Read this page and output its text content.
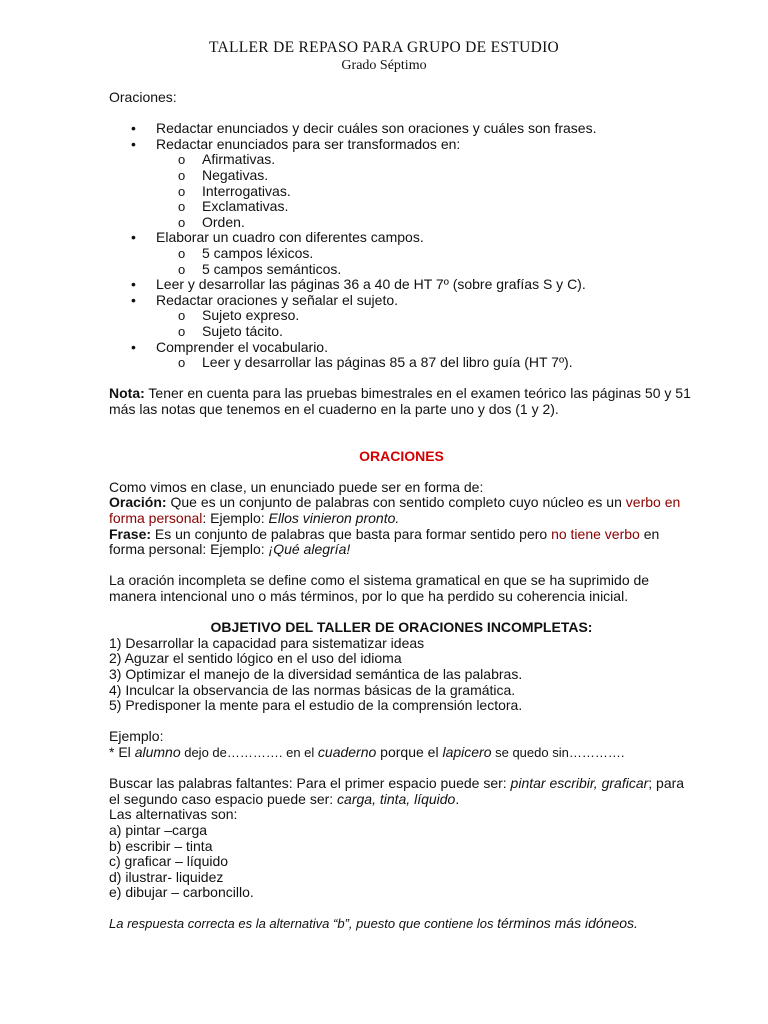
TALLER DE REPASO PARA GRUPO DE ESTUDIO
Grado Séptimo
Oraciones:
• Redactar enunciados y decir cuáles son oraciones y cuáles son frases.
• Redactar enunciados para ser transformados en:
o Afirmativas.
o Negativas.
o Interrogativas.
o Exclamativas.
o Orden.
• Elaborar un cuadro con diferentes campos.
o 5 campos léxicos.
o 5 campos semánticos.
• Leer y desarrollar las páginas 36 a 40 de HT 7º (sobre grafías S y C).
• Redactar oraciones y señalar el sujeto.
o Sujeto expreso.
o Sujeto tácito.
• Comprender el vocabulario.
o Leer y desarrollar las páginas 85 a 87 del libro guía (HT 7º).
Nota: Tener en cuenta para las pruebas bimestrales en el examen teórico las páginas 50 y 51 más las notas que tenemos en el cuaderno en la parte uno y dos (1 y 2).
ORACIONES
Como vimos en clase, un enunciado puede ser en forma de:
Oración: Que es un conjunto de palabras con sentido completo cuyo núcleo es un verbo en forma personal: Ejemplo: Ellos vinieron pronto.
Frase: Es un conjunto de palabras que basta para formar sentido pero no tiene verbo en forma personal: Ejemplo: ¡Qué alegría!
La oración incompleta se define como el sistema gramatical en que se ha suprimido de manera intencional uno o más términos, por lo que ha perdido su coherencia inicial.
OBJETIVO DEL TALLER DE ORACIONES INCOMPLETAS:
1) Desarrollar la capacidad para sistematizar ideas
2) Aguzar el sentido lógico en el uso del idioma
3) Optimizar el manejo de la diversidad semántica de las palabras.
4) Inculcar la observancia de las normas básicas de la gramática.
5) Predisponer la mente para el estudio de la comprensión lectora.
Ejemplo:
* El alumno dejo de…………. en el cuaderno porque el lapicero se quedo sin………….
Buscar las palabras faltantes: Para el primer espacio puede ser: pintar escribir, graficar; para el segundo caso espacio puede ser: carga, tinta, líquido.
Las alternativas son:
a) pintar –carga
b) escribir – tinta
c) graficar – líquido
d) ilustrar- liquidez
e) dibujar – carboncillo.
La respuesta correcta es la alternativa “b”, puesto que contiene los términos más idóneos.
